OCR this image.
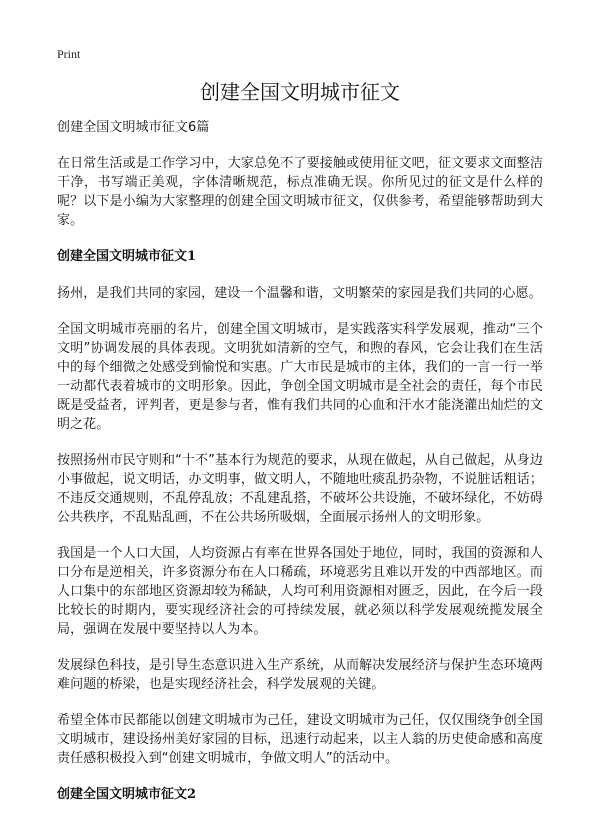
Print
创建全国文明城市征文

创建全国文明城市征文6篇

在日常生活或是工作学习中，大家总免不了要接触或使用征文吧，征文要求文面整洁干净，书写端正美观，字体清晰规范，标点准确无误。你所见过的征文是什么样的呢？以下是小编为大家整理的创建全国文明城市征文，仅供参考，希望能够帮助到大家。

创建全国文明城市征文1

扬州，是我们共同的家园，建设一个温馨和谐，文明繁荣的家园是我们共同的心愿。

全国文明城市亮丽的名片，创建全国文明城市，是实践落实科学发展观，推动“三个文明”协调发展的具体表现。文明犹如清新的空气，和煦的春风，它会让我们在生活中的每个细微之处感受到愉悦和实惠。广大市民是城市的主体，我们的一言一行一举一动都代表着城市的文明形象。因此，争创全国文明城市是全社会的责任，每个市民既是受益者，评判者，更是参与者，惟有我们共同的心血和汗水才能浇灌出灿烂的文明之花。

按照扬州市民守则和“十不”基本行为规范的要求，从现在做起，从自己做起，从身边小事做起，说文明话，办文明事，做文明人，不随地吐痰乱扔杂物，不说脏话粗话；不违反交通规则，不乱停乱放；不乱建乱搭，不破坏公共设施，不破坏绿化，不妨碍公共秩序，不乱贴乱画，不在公共场所吸烟，全面展示扬州人的文明形象。

我国是一个人口大国，人均资源占有率在世界各国处于地位，同时，我国的资源和人口分布是逆相关，许多资源分布在人口稀疏，环境恶劣且难以开发的中西部地区。而人口集中的东部地区资源却较为稀缺，人均可利用资源相对匮乏，因此，在今后一段比较长的时期内，要实现经济社会的可持续发展，就必须以科学发展观统揽发展全局，强调在发展中要坚持以人为本。

发展绿色科技，是引导生态意识进入生产系统，从而解决发展经济与保护生态环境两难问题的桥梁，也是实现经济社会，科学发展观的关键。

希望全体市民都能以创建文明城市为己任，建设文明城市为己任，仅仅围绕争创全国文明城市，建设扬州美好家园的目标，迅速行动起来，以主人翁的历史使命感和高度责任感积极投入到“创建文明城市，争做文明人”的活动中。

创建全国文明城市征文2
